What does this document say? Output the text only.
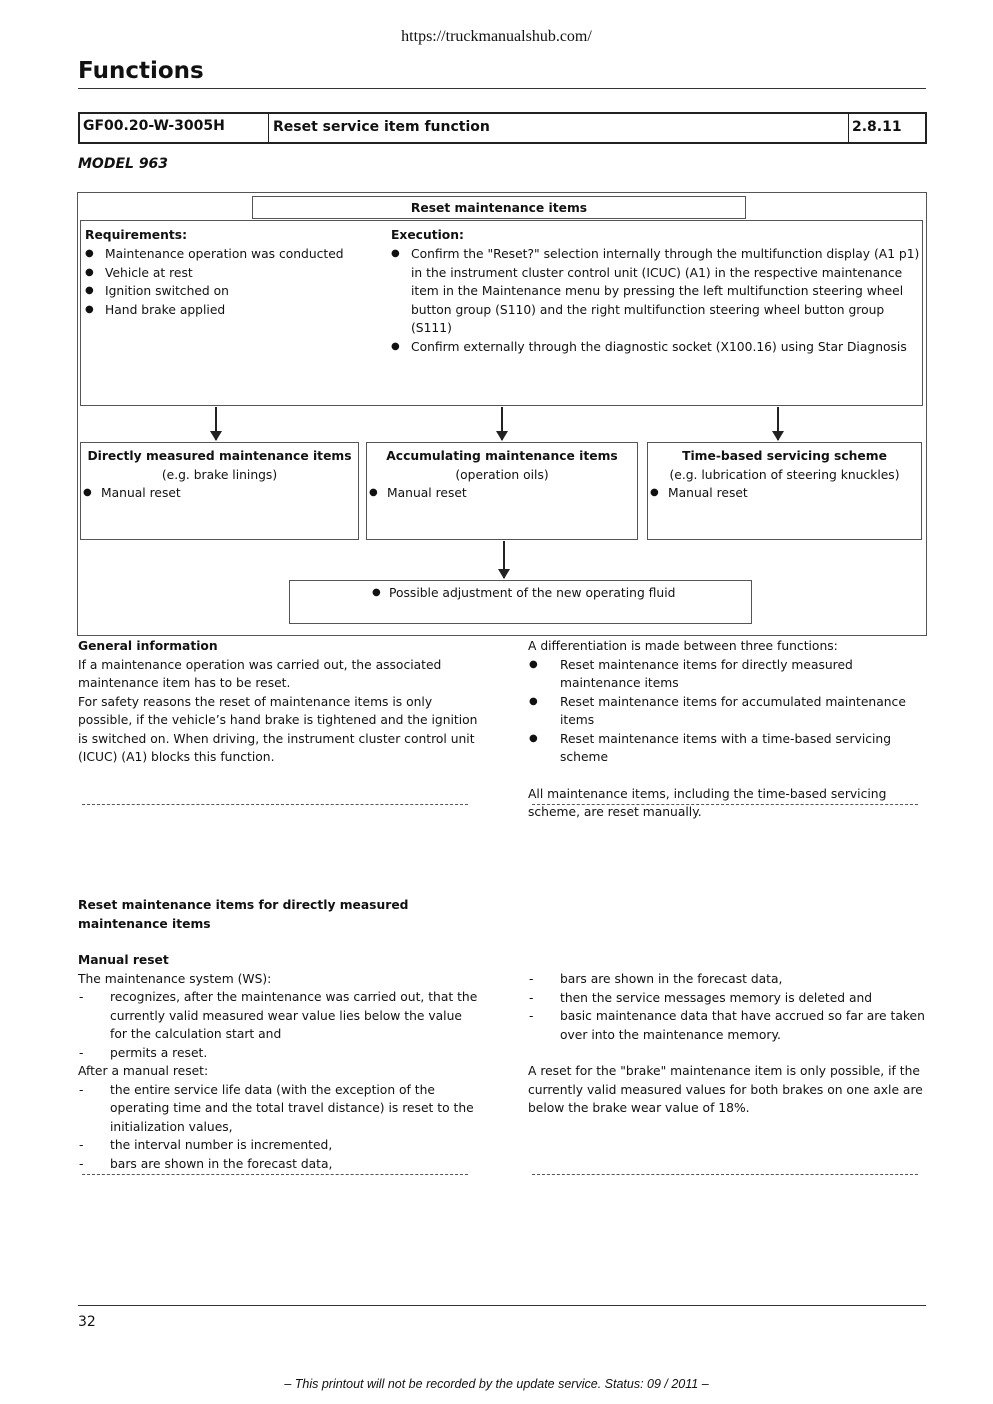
https://truckmanualshub.com/
Functions
GF00.20-W-3005H	Reset service item function	2.8.11
MODEL 963
Reset maintenance items
Requirements:
● Maintenance operation was conducted
● Vehicle at rest
● Ignition switched on
● Hand brake applied
Execution:
● Confirm the "Reset?" selection internally through the multifunction display (A1 p1) in the instrument cluster control unit (ICUC) (A1) in the respective maintenance item in the Maintenance menu by pressing the left multifunction steering wheel button group (S110) and the right multifunction steering wheel button group (S111)
● Confirm externally through the diagnostic socket (X100.16) using Star Diagnosis
Directly measured maintenance items
(e.g. brake linings)
● Manual reset
Accumulating maintenance items
(operation oils)
● Manual reset
Time-based servicing scheme
(e.g. lubrication of steering knuckles)
● Manual reset
● Possible adjustment of the new operating fluid
General information
If a maintenance operation was carried out, the associated maintenance item has to be reset.
For safety reasons the reset of maintenance items is only possible, if the vehicle’s hand brake is tightened and the ignition is switched on. When driving, the instrument cluster control unit (ICUC) (A1) blocks this function.
A differentiation is made between three functions:
● Reset maintenance items for directly measured maintenance items
● Reset maintenance items for accumulated maintenance items
● Reset maintenance items with a time-based servicing scheme
All maintenance items, including the time-based servicing scheme, are reset manually.
Reset maintenance items for directly measured maintenance items
Manual reset
The maintenance system (WS):
- recognizes, after the maintenance was carried out, that the currently valid measured wear value lies below the value for the calculation start and
- permits a reset.
After a manual reset:
- the entire service life data (with the exception of the operating time and the total travel distance) is reset to the initialization values,
- the interval number is incremented,
- bars are shown in the forecast data,
- bars are shown in the forecast data,
- then the service messages memory is deleted and
- basic maintenance data that have accrued so far are taken over into the maintenance memory.
A reset for the "brake" maintenance item is only possible, if the currently valid measured values for both brakes on one axle are below the brake wear value of 18%.
32
– This printout will not be recorded by the update service. Status: 09 / 2011 –
